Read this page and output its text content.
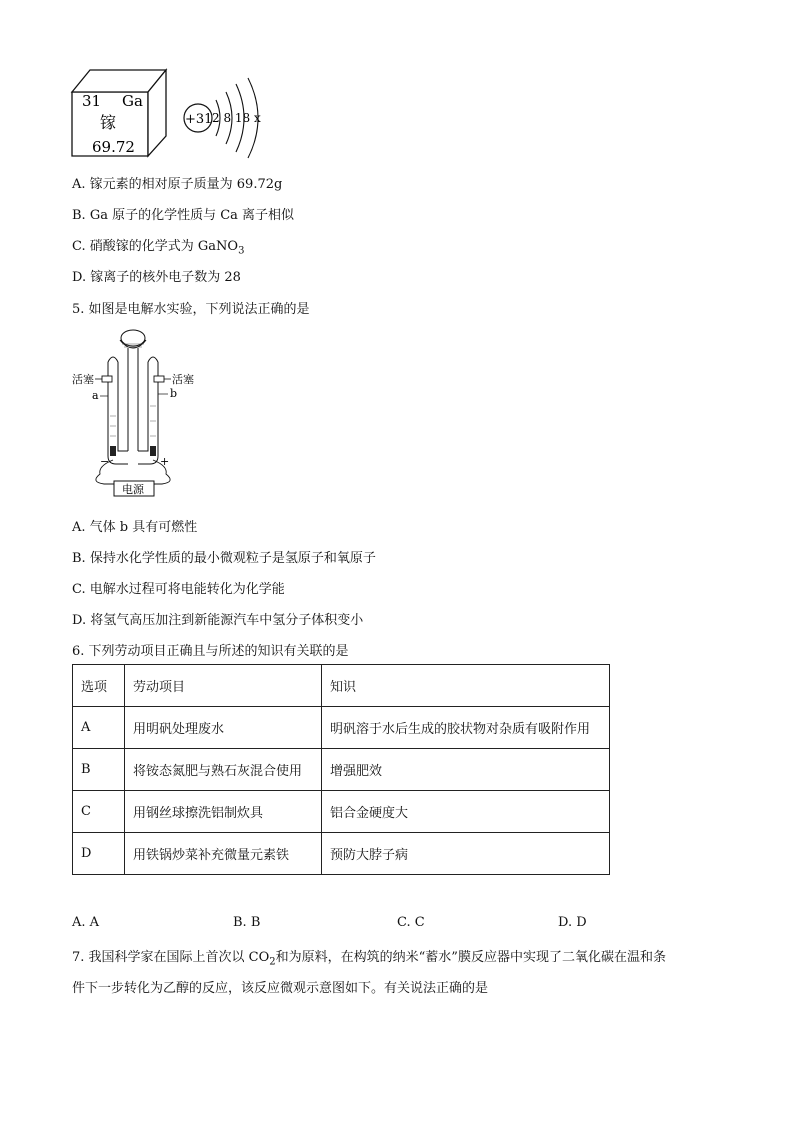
31 Ga
镓
69.72
+31 2 8 18 x
A. 镓元素的相对原子质量为 69.72g
B. Ga 原子的化学性质与 Ca 离子相似
C. 硝酸镓的化学式为 GaNO$_3$
D. 镓离子的核外电子数为 28
5. 如图是电解水实验，下列说法正确的是
电源
−	+
活塞	活塞
a	b
A. 气体 b 具有可燃性
B. 保持水化学性质的最小微观粒子是氢原子和氧原子
C. 电解水过程可将电能转化为化学能
D. 将氢气高压加注到新能源汽车中氢分子体积变小
6. 下列劳动项目正确且与所述的知识有关联的是
选项	劳动项目	知识
A	用明矾处理废水	明矾溶于水后生成的胶状物对杂质有吸附作用
B	将铵态氮肥与熟石灰混合使用	增强肥效
C	用钢丝球擦洗铝制炊具	铝合金硬度大
D	用铁锅炒菜补充微量元素铁	预防大脖子病
A. A	B. B	C. C	D. D
7. 我国科学家在国际上首次以 $CO_2$和为原料，在构筑的纳米“蓄水”膜反应器中实现了二氧化碳在温和条
件下一步转化为乙醇的反应，该反应微观示意图如下。有关说法正确的是
